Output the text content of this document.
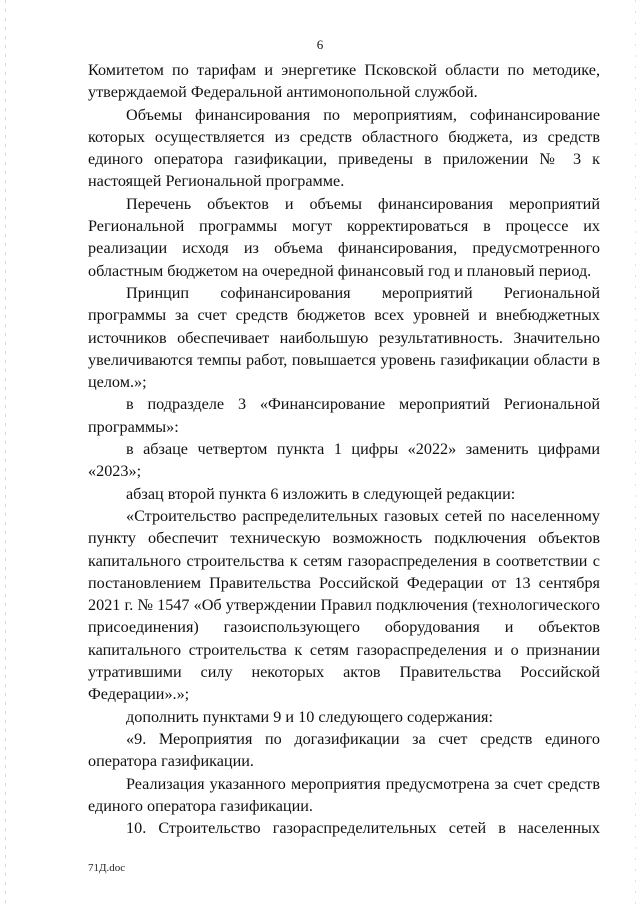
6

Комитетом по тарифам и энергетике Псковской области по методике, утверждаемой Федеральной антимонопольной службой.

Объемы финансирования по мероприятиям, софинансирование которых осуществляется из средств областного бюджета, из средств единого оператора газификации, приведены в приложении № 3 к настоящей Региональной программе.

Перечень объектов и объемы финансирования мероприятий Региональной программы могут корректироваться в процессе их реализации исходя из объема финансирования, предусмотренного областным бюджетом на очередной финансовый год и плановый период.

Принцип софинансирования мероприятий Региональной программы за счет средств бюджетов всех уровней и внебюджетных источников обеспечивает наибольшую результативность. Значительно увеличиваются темпы работ, повышается уровень газификации области в целом.»;

в подразделе 3 «Финансирование мероприятий Региональной программы»:

в абзаце четвертом пункта 1 цифры «2022» заменить цифрами «2023»;

абзац второй пункта 6 изложить в следующей редакции:

«Строительство распределительных газовых сетей по населенному пункту обеспечит техническую возможность подключения объектов капитального строительства к сетям газораспределения в соответствии с постановлением Правительства Российской Федерации от 13 сентября 2021 г. № 1547 «Об утверждении Правил подключения (технологического присоединения) газоиспользующего оборудования и объектов капитального строительства к сетям газораспределения и о признании утратившими силу некоторых актов Правительства Российской Федерации».»;

дополнить пунктами 9 и 10 следующего содержания:

«9. Мероприятия по догазификации за счет средств единого оператора газификации.

Реализация указанного мероприятия предусмотрена за счет средств единого оператора газификации.

10. Строительство газораспределительных сетей в населенных

71Д.doc
